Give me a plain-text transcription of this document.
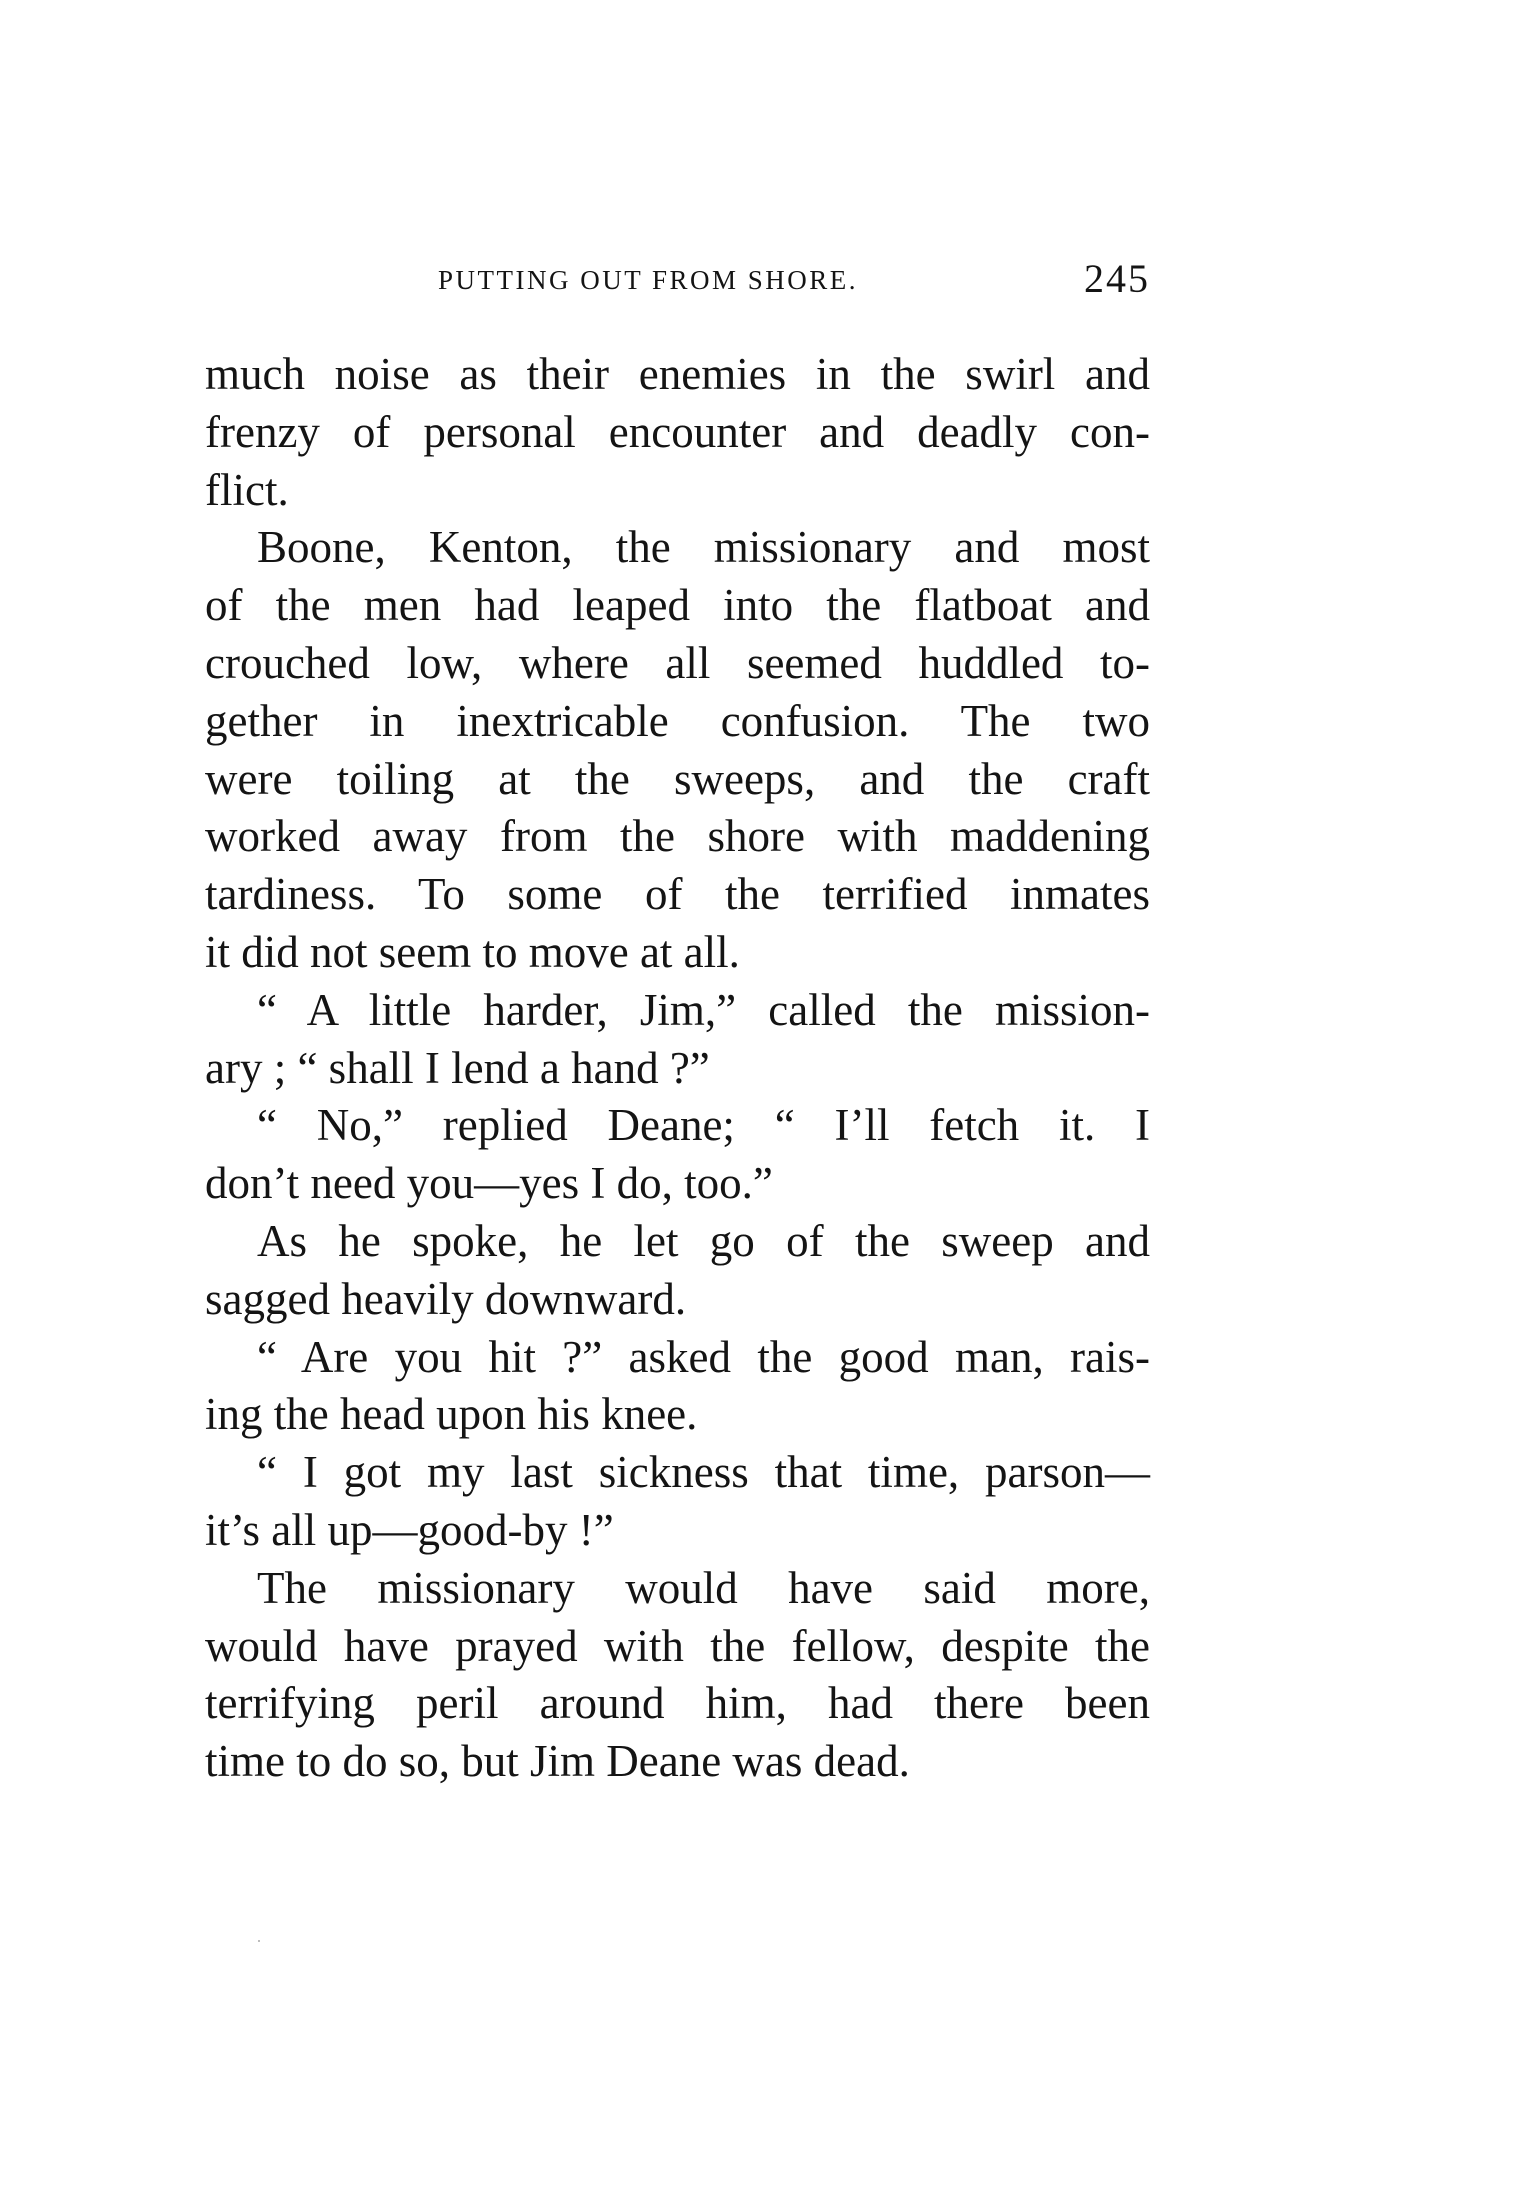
PUTTING OUT FROM SHORE.	245

much noise as their enemies in the swirl and
frenzy of personal encounter and deadly con-
flict.

Boone, Kenton, the missionary and most
of the men had leaped into the flatboat and
crouched low, where all seemed huddled to-
gether in inextricable confusion. The two
were toiling at the sweeps, and the craft
worked away from the shore with maddening
tardiness. To some of the terrified inmates
it did not seem to move at all.

“ A little harder, Jim,” called the mission-
ary ; “ shall I lend a hand ?”

“ No,” replied Deane; “ I’ll fetch it. I
don’t need you—yes I do, too.”

As he spoke, he let go of the sweep and
sagged heavily downward.

“ Are you hit ?” asked the good man, rais-
ing the head upon his knee.

“ I got my last sickness that time, parson—
it’s all up—good-by !”

The missionary would have said more,
would have prayed with the fellow, despite the
terrifying peril around him, had there been
time to do so, but Jim Deane was dead.
